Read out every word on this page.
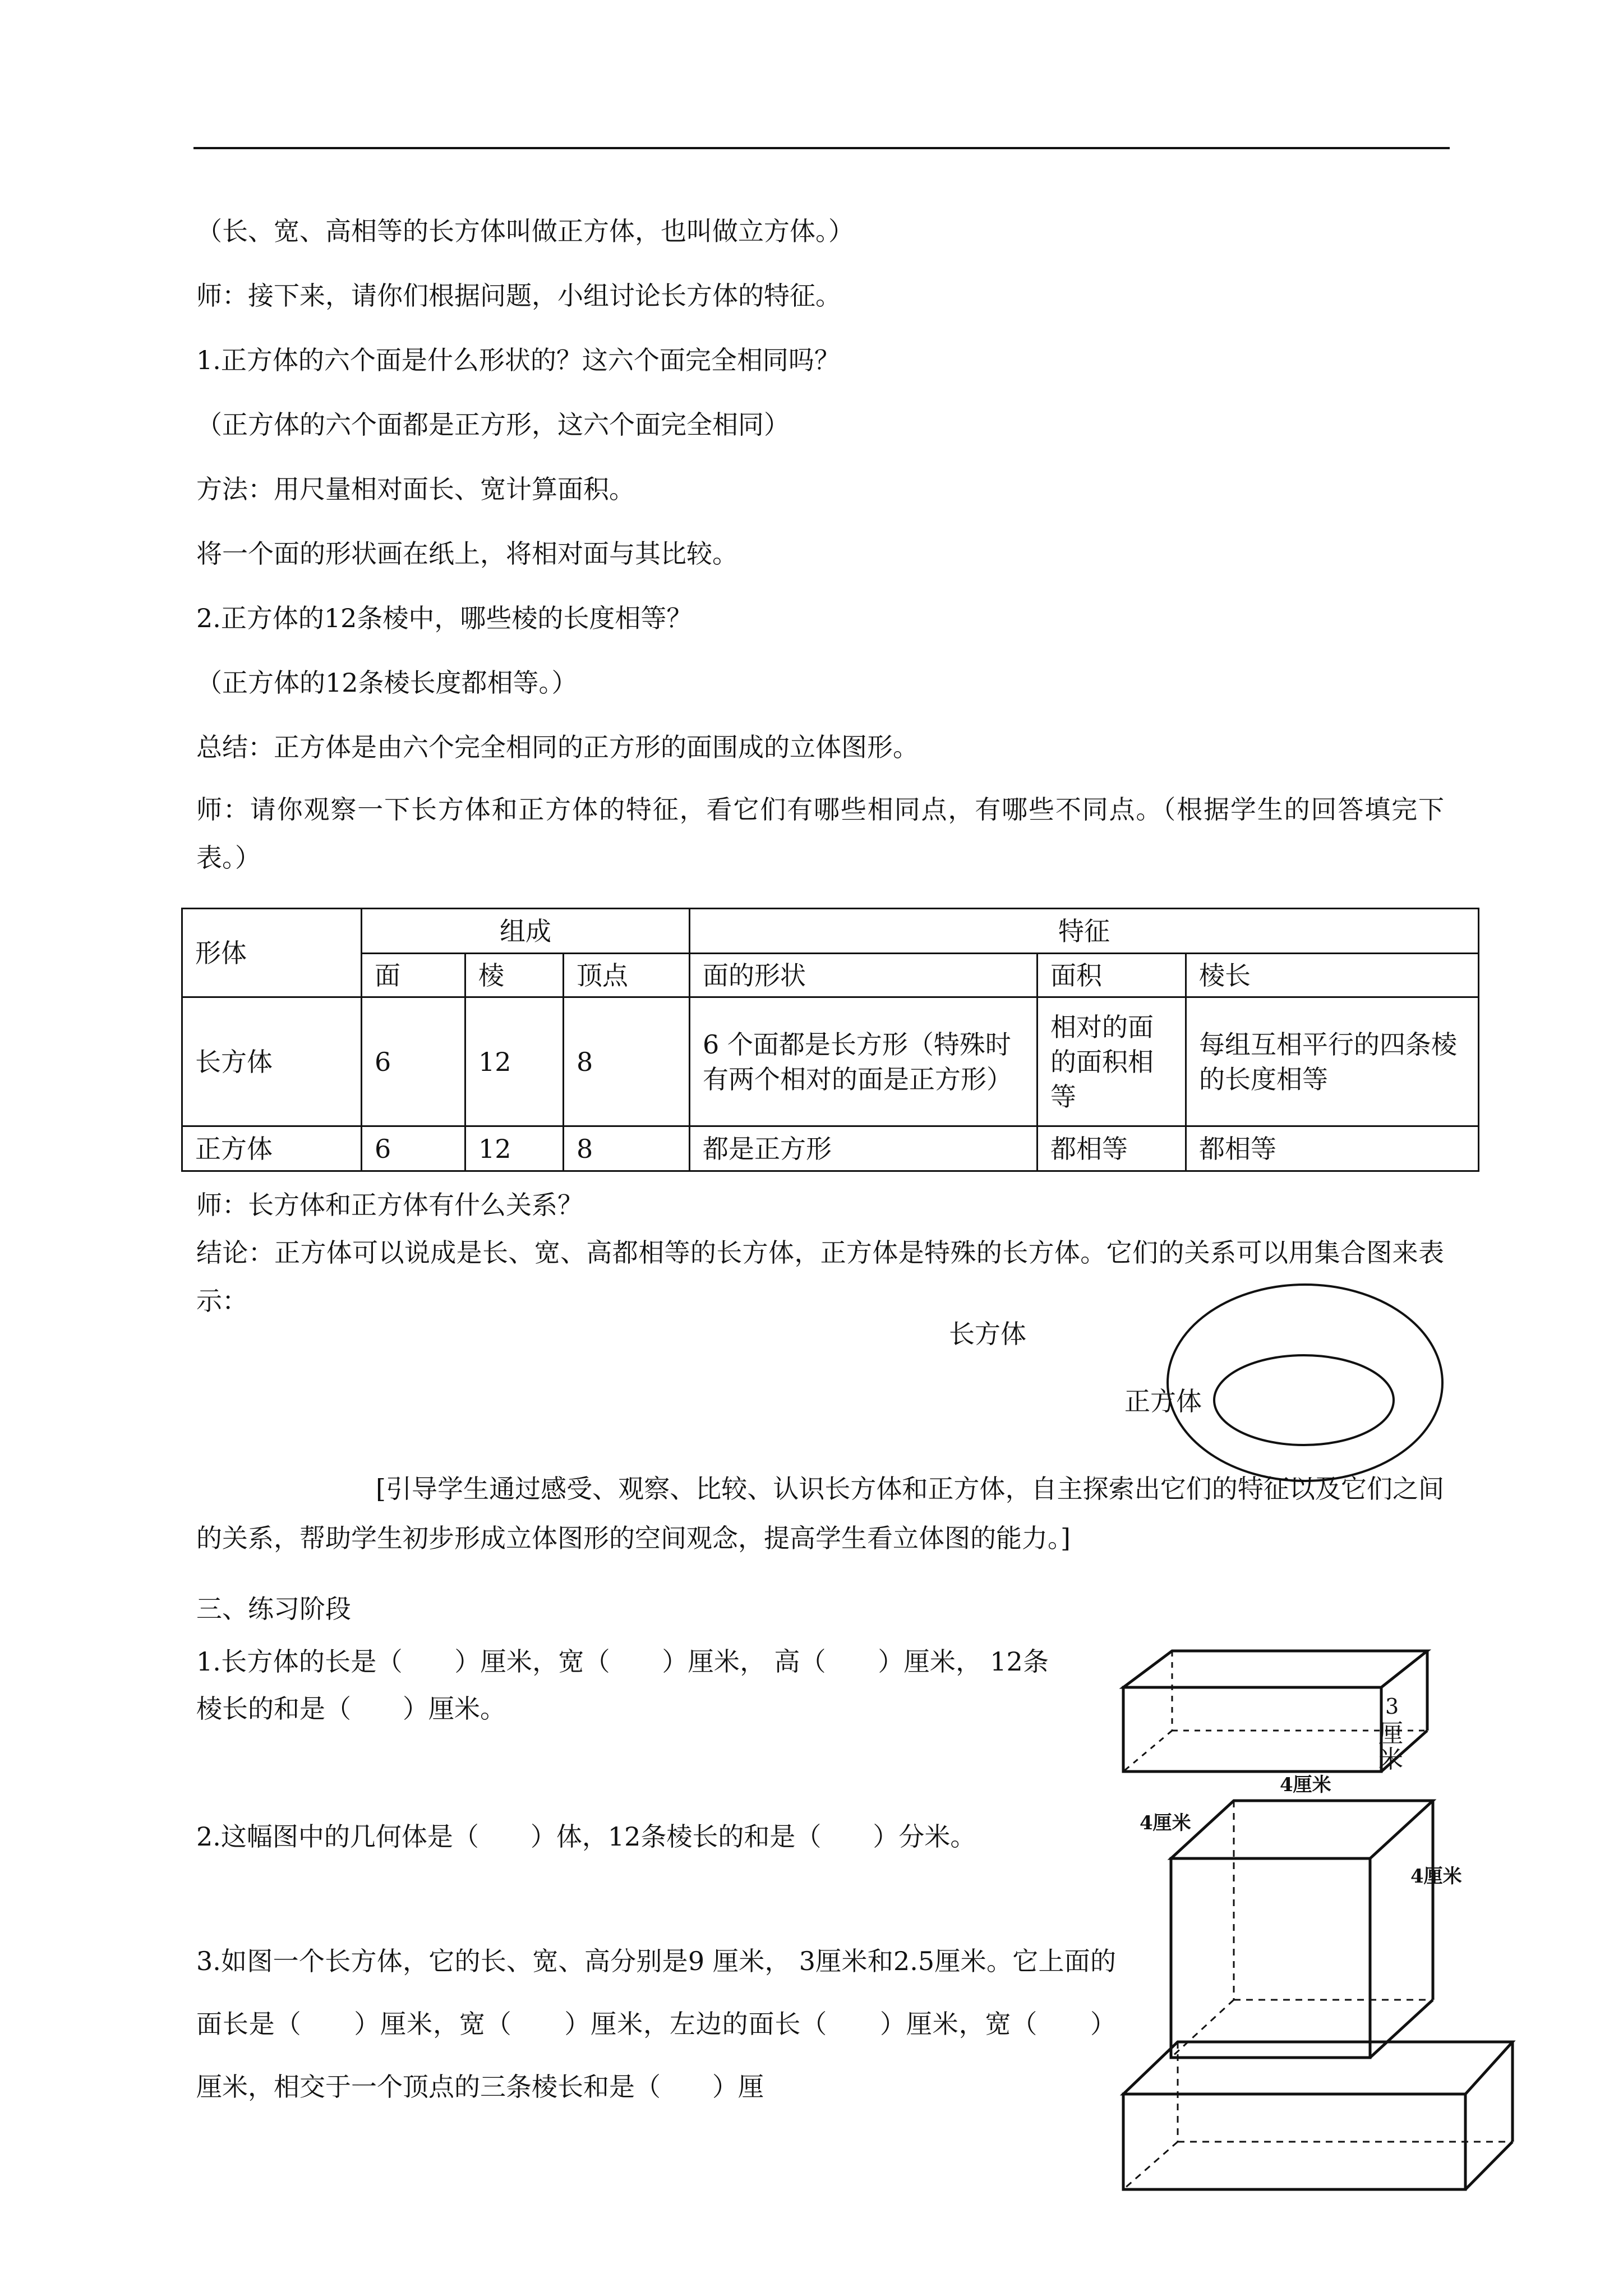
（长、宽、高相等的长方体叫做正方体，也叫做立方体。）
师：接下来，请你们根据问题，小组讨论长方体的特征。
1.正方体的六个面是什么形状的？这六个面完全相同吗？
（正方体的六个面都是正方形，这六个面完全相同）
方法：用尺量相对面长、宽计算面积。
将一个面的形状画在纸上，将相对面与其比较。
2.正方体的12条棱中，哪些棱的长度相等？
（正方体的12条棱长度都相等。）
总结：正方体是由六个完全相同的正方形的面围成的立体图形。
师：请你观察一下长方体和正方体的特征，看它们有哪些相同点，有哪些不同点。（根据学生的回答填完下表。）
形体	组成			特征		
	面	棱	顶点	面的形状	面积	棱长
长方体	6	12	8	6 个面都是长方形（特殊时有两个相对的面是正方形）	相对的面的面积相等	每组互相平行的四条棱的长度相等
正方体	6	12	8	都是正方形	都相等	都相等
师：长方体和正方体有什么关系？
结论：正方体可以说成是长、宽、高都相等的长方体，正方体是特殊的长方体。它们的关系可以用集合图来表示：
长方体
正方体
[引导学生通过感受、观察、比较、认识长方体和正方体，自主探索出它们的特征以及它们之间的关系，帮助学生初步形成立体图形的空间观念，提高学生看立体图的能力。]
三、练习阶段
1.长方体的长是（　　）厘米，宽（　　）厘米， 高（　　）厘米， 12条棱长的和是（　　）厘米。
2.这幅图中的几何体是（　　）体，12条棱长的和是（　　）分米。
3.如图一个长方体，它的长、宽、高分别是9 厘米， 3厘米和2.5厘米。它上面的面长是（　　）厘米，宽（　　）厘米，左边的面长（　　）厘米，宽（　　）厘米，相交于一个顶点的三条棱长和是（　　）厘
3
厘米
4厘米
4厘米
4厘米
